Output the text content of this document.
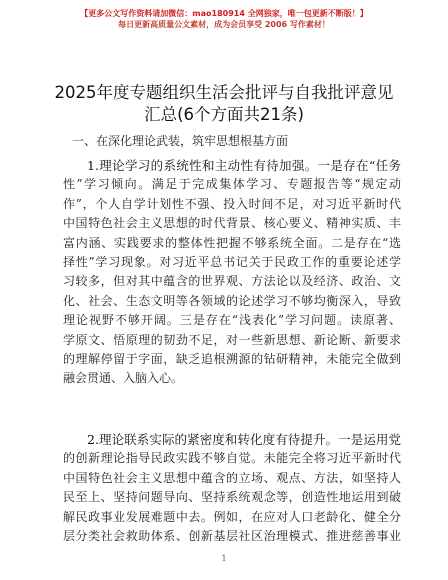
【更多公文写作资料请加微信：mao180914 全网独家，唯一包更新不断版！】
每日更新高质量公文素材，成为会员享受 2006 写作素材！
2025年度专题组织生活会批评与自我批评意见
汇总(6个方面共21条)
一、在深化理论武装，筑牢思想根基方面
1.理论学习的系统性和主动性有待加强。一是存在“任务
性”学习倾向。满足于完成集体学习、专题报告等“规定动
作”，个人自学计划性不强、投入时间不足，对习近平新时代
中国特色社会主义思想的时代背景、核心要义、精神实质、丰
富内涵、实践要求的整体性把握不够系统全面。二是存在“选
择性”学习现象。对习近平总书记关于民政工作的重要论述学
习较多，但对其中蕴含的世界观、方法论以及经济、政治、文
化、社会、生态文明等各领域的论述学习不够均衡深入，导致
理论视野不够开阔。三是存在“浅表化”学习问题。读原著、
学原文、悟原理的韧劲不足，对一些新思想、新论断、新要求
的理解停留于字面，缺乏追根溯源的钻研精神，未能完全做到
融会贯通、入脑入心。
2.理论联系实际的紧密度和转化度有待提升。一是运用党
的创新理论指导民政实践不够自觉。未能完全将习近平新时代
中国特色社会主义思想中蕴含的立场、观点、方法，如坚持人
民至上、坚持问题导向、坚持系统观念等，创造性地运用到破
解民政事业发展难题中去。例如，在应对人口老龄化、健全分
层分类社会救助体系、创新基层社区治理模式、推进慈善事业
1
